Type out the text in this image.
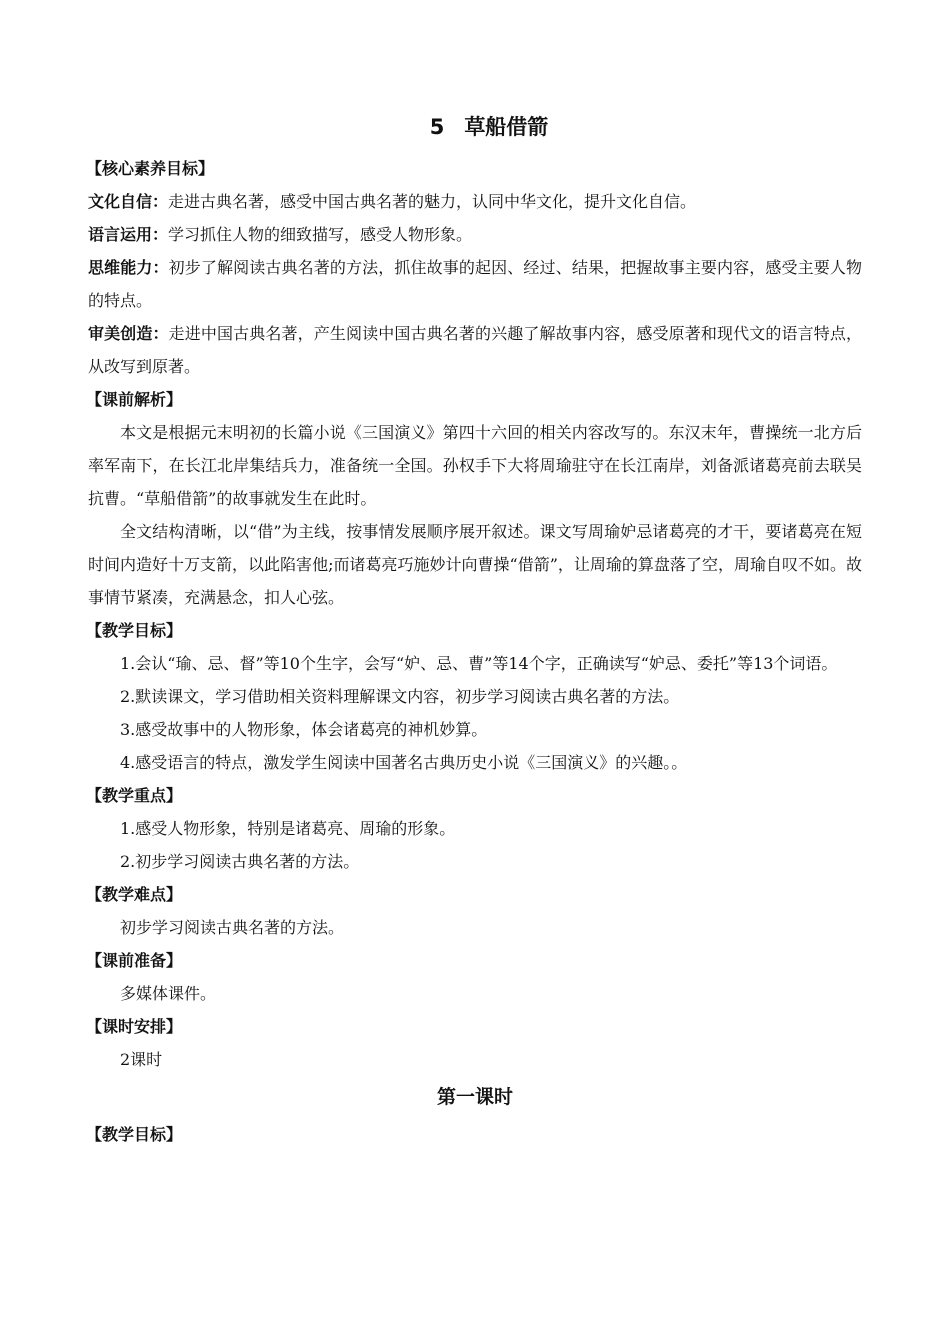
5 草船借箭
【核心素养目标】

文化自信：走进古典名著，感受中国古典名著的魅力，认同中华文化，提升文化自信。

语言运用：学习抓住人物的细致描写，感受人物形象。

思维能力：初步了解阅读古典名著的方法，抓住故事的起因、经过、结果，把握故事主要内容，感受主要人物的特点。

审美创造：走进中国古典名著，产生阅读中国古典名著的兴趣了解故事内容，感受原著和现代文的语言特点，从改写到原著。

【课前解析】

本文是根据元末明初的长篇小说《三国演义》第四十六回的相关内容改写的。东汉末年，曹操统一北方后率军南下，在长江北岸集结兵力，准备统一全国。孙权手下大将周瑜驻守在长江南岸，刘备派诸葛亮前去联吴抗曹。“草船借箭”的故事就发生在此时。

全文结构清晰，以“借”为主线，按事情发展顺序展开叙述。课文写周瑜妒忌诸葛亮的才干，要诸葛亮在短时间内造好十万支箭，以此陷害他;而诸葛亮巧施妙计向曹操“借箭”，让周瑜的算盘落了空，周瑜自叹不如。故事情节紧凑，充满悬念，扣人心弦。

【教学目标】

1.会认“瑜、忌、督”等10个生字，会写“妒、忌、曹”等14个字，正确读写“妒忌、委托”等13个词语。

2.默读课文，学习借助相关资料理解课文内容，初步学习阅读古典名著的方法。

3.感受故事中的人物形象，体会诸葛亮的神机妙算。

4.感受语言的特点，激发学生阅读中国著名古典历史小说《三国演义》的兴趣。。

【教学重点】

1.感受人物形象，特别是诸葛亮、周瑜的形象。

2.初步学习阅读古典名著的方法。

【教学难点】

初步学习阅读古典名著的方法。

【课前准备】

多媒体课件。

【课时安排】

2课时

第一课时
【教学目标】
